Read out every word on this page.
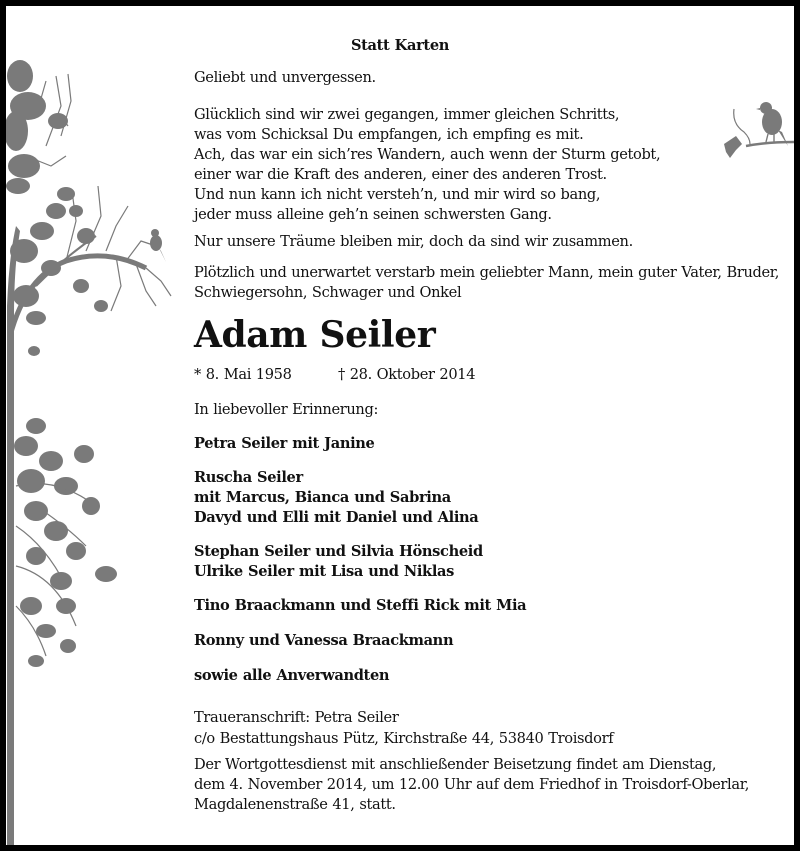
Statt Karten
Geliebt und unvergessen.
Glücklich sind wir zwei gegangen, immer gleichen Schritts,
was vom Schicksal Du empfangen, ich empfing es mit.
Ach, das war ein sich’res Wandern, auch wenn der Sturm getobt,
einer war die Kraft des anderen, einer des anderen Trost.
Und nun kann ich nicht versteh’n, und mir wird so bang,
jeder muss alleine geh’n seinen schwersten Gang.
Nur unsere Träume bleiben mir, doch da sind wir zusammen.
Plötzlich und unerwartet verstarb mein geliebter Mann, mein guter Vater, Bruder,
Schwiegersohn, Schwager und Onkel
Adam Seiler
* 8. Mai 1958	† 28. Oktober 2014
In liebevoller Erinnerung:
Petra Seiler mit Janine
Ruscha Seiler
mit Marcus, Bianca und Sabrina
Davyd und Elli mit Daniel und Alina
Stephan Seiler und Silvia Hönscheid
Ulrike Seiler mit Lisa und Niklas
Tino Braackmann und Steffi Rick mit Mia
Ronny und Vanessa Braackmann
sowie alle Anverwandten
Traueranschrift: Petra Seiler
c/o Bestattungshaus Pütz, Kirchstraße 44, 53840 Troisdorf
Der Wortgottesdienst mit anschließender Beisetzung findet am Dienstag,
dem 4. November 2014, um 12.00 Uhr auf dem Friedhof in Troisdorf-Oberlar,
Magdalenenstraße 41, statt.
